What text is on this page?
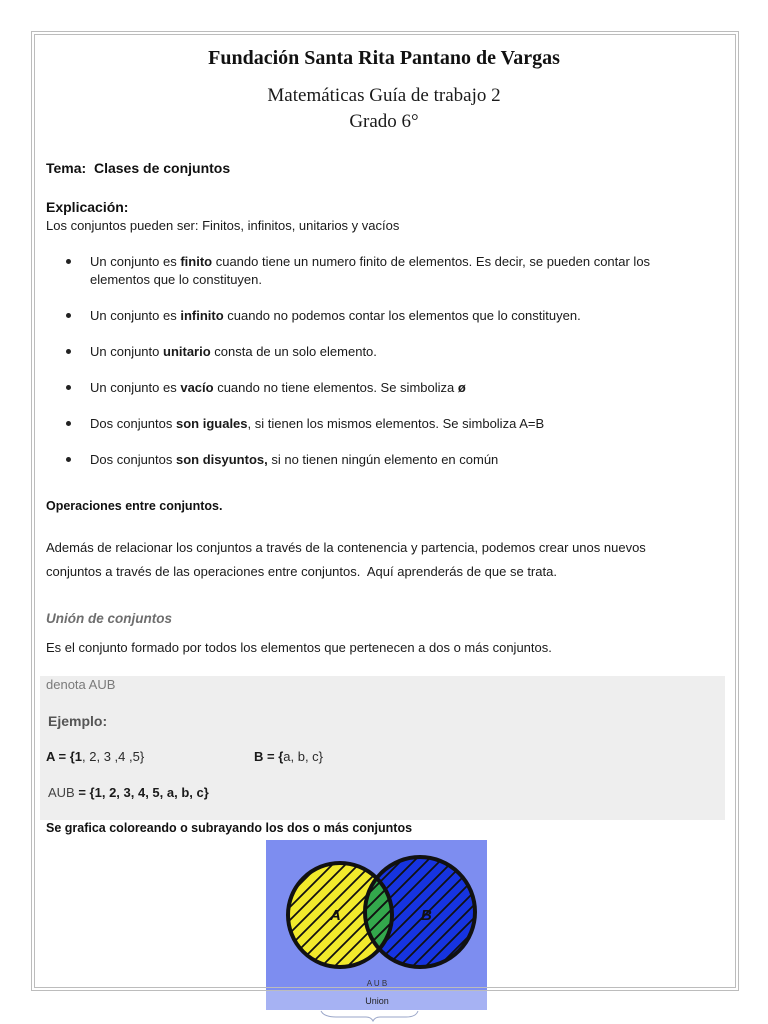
Fundación Santa Rita Pantano de Vargas
Matemáticas Guía de trabajo 2
Grado 6°
Tema:  Clases de conjuntos
Explicación:
Los conjuntos pueden ser: Finitos, infinitos, unitarios y vacíos
Un conjunto es finito cuando tiene un numero finito de elementos. Es decir, se pueden contar los
elementos que lo constituyen.
Un conjunto es infinito cuando no podemos contar los elementos que lo constituyen.
Un conjunto unitario consta de un solo elemento.
Un conjunto es vacío cuando no tiene elementos. Se simboliza ø
Dos conjuntos son iguales, si tienen los mismos elementos. Se simboliza A=B
Dos conjuntos son disyuntos, si no tienen ningún elemento en común
Operaciones entre conjuntos.
Además de relacionar los conjuntos a través de la contenencia y partencia, podemos crear unos nuevos
conjuntos a través de las operaciones entre conjuntos.  Aquí aprenderás de que se trata.
Unión de conjuntos
Es el conjunto formado por todos los elementos que pertenecen a dos o más conjuntos.
denota AUB
Ejemplo:
A = {1, 2, 3 ,4 ,5}	B = {a, b, c}
AUB = {1, 2, 3, 4, 5, a, b, c}
Se grafica coloreando o subrayando los dos o más conjuntos
A	B
A U B
Union
